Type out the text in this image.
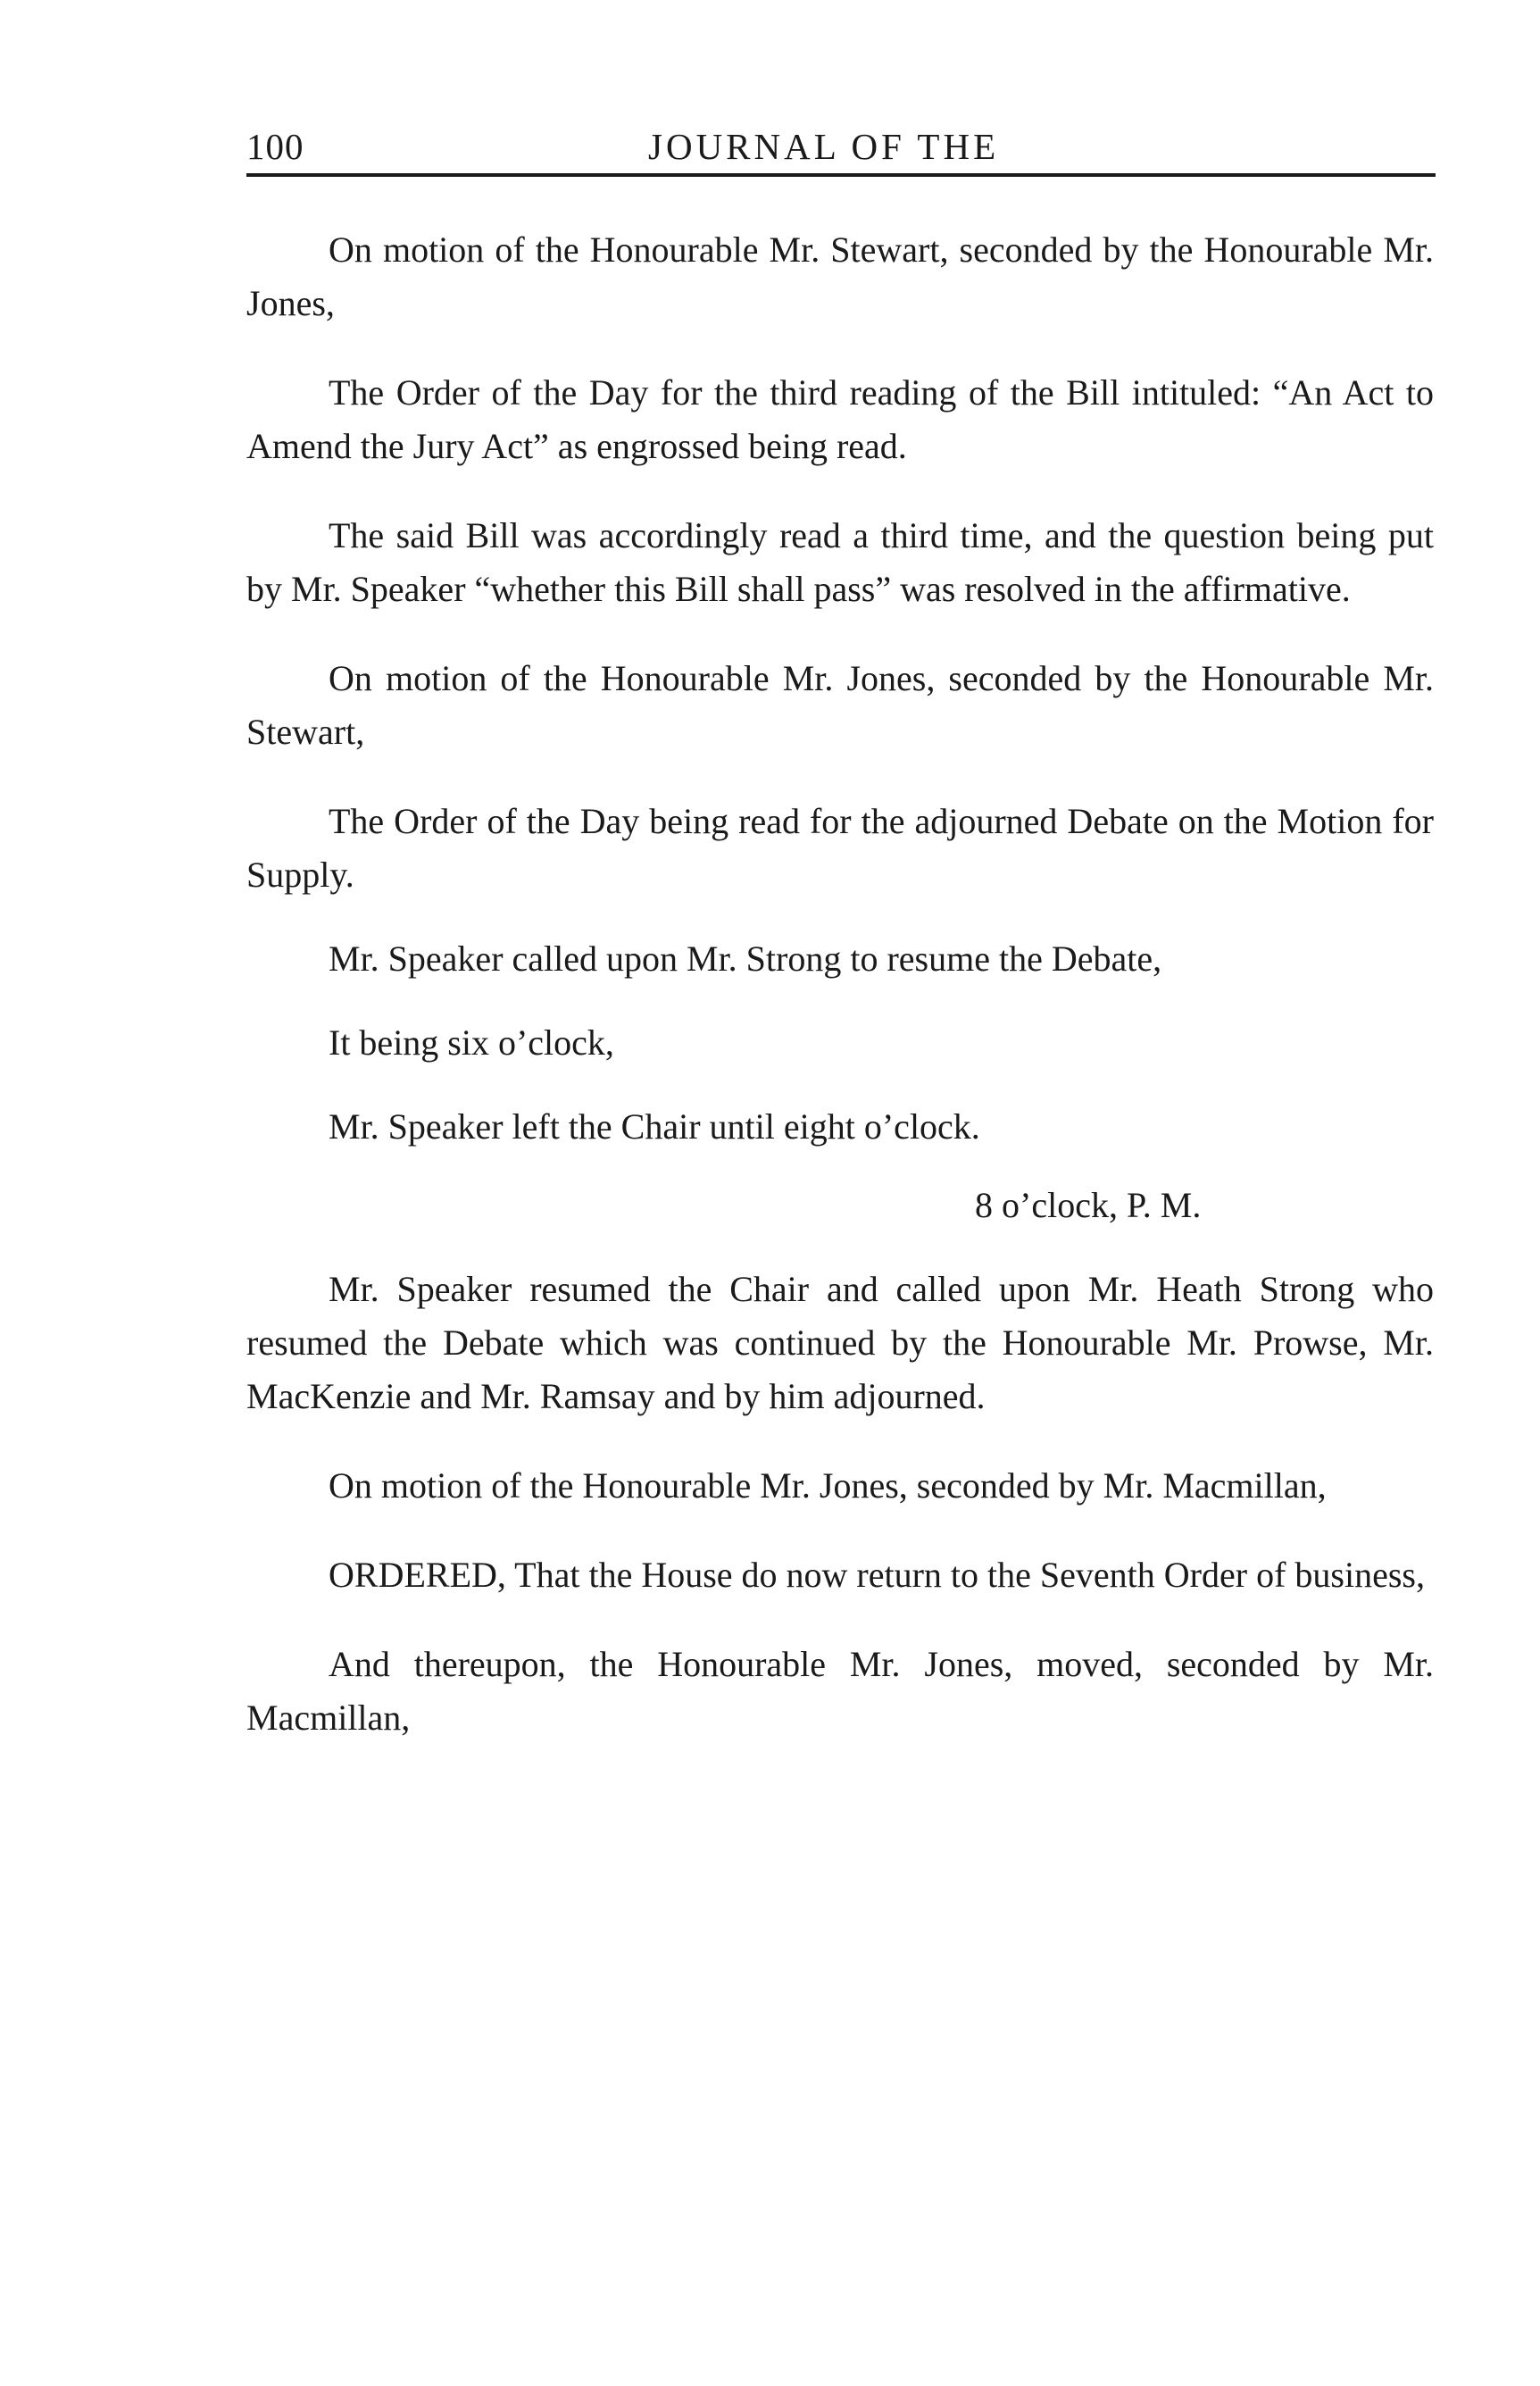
100	JOURNAL OF THE

On motion of the Honourable Mr. Stewart, seconded by the Honourable Mr. Jones,

The Order of the Day for the third reading of the Bill intituled: “An Act to Amend the Jury Act” as engrossed being read.

The said Bill was accordingly read a third time, and the question being put by Mr. Speaker “whether this Bill shall pass” was resolved in the affirmative.

On motion of the Honourable Mr. Jones, seconded by the Honourable Mr. Stewart,

The Order of the Day being read for the adjourned Debate on the Motion for Supply.

Mr. Speaker called upon Mr. Strong to resume the Debate,

It being six o’clock,

Mr. Speaker left the Chair until eight o’clock.

8 o’clock, P. M.

Mr. Speaker resumed the Chair and called upon Mr. Heath Strong who resumed the Debate which was continued by the Honourable Mr. Prowse, Mr. MacKenzie and Mr. Ramsay and by him adjourned.

On motion of the Honourable Mr. Jones, seconded by Mr. Macmillan,

ORDERED, That the House do now return to the Seventh Order of business,

And thereupon, the Honourable Mr. Jones, moved, seconded by Mr. Macmillan,
